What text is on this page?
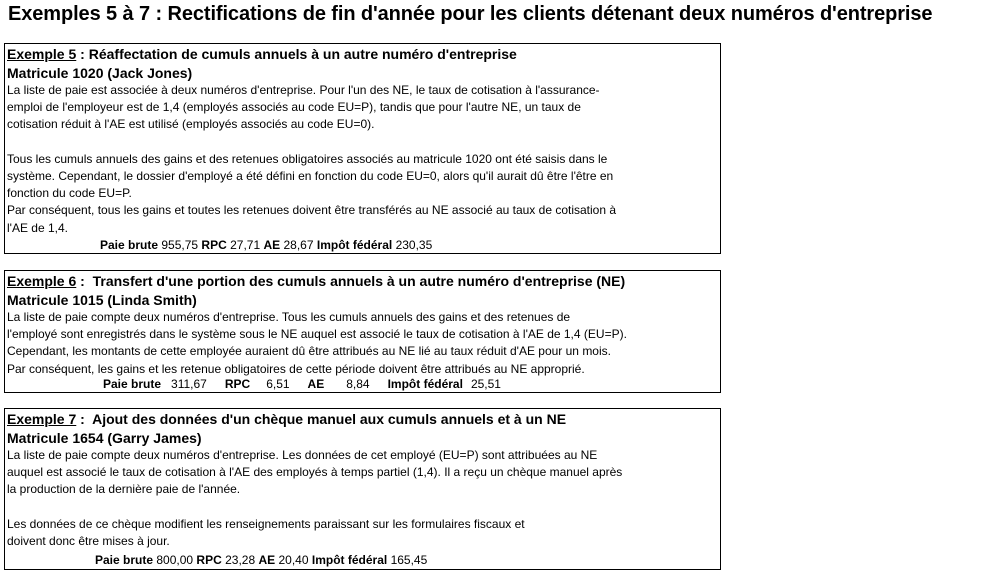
Exemples 5 à 7 : Rectifications de fin d'année pour les clients détenant deux numéros d'entreprise
Exemple 5 : Réaffectation de cumuls annuels à un autre numéro d'entreprise
Matricule 1020 (Jack Jones)
La liste de paie est associée à deux numéros d'entreprise. Pour l'un des NE, le taux de cotisation à l'assurance-
emploi de l'employeur est de 1,4 (employés associés au code EU=P), tandis que pour l'autre NE, un taux de
cotisation réduit à l'AE est utilisé (employés associés au code EU=0).
Tous les cumuls annuels des gains et des retenues obligatoires associés au matricule 1020 ont été saisis dans le
système. Cependant, le dossier d'employé a été défini en fonction du code EU=0, alors qu'il aurait dû être l'être en
fonction du code EU=P.
Par conséquent, tous les gains et toutes les retenues doivent être transférés au NE associé au taux de cotisation à
l'AE de 1,4.
Paie brute 955,75 RPC 27,71 AE 28,67 Impôt fédéral 230,35
Exemple 6 :  Transfert d'une portion des cumuls annuels à un autre numéro d'entreprise (NE)
Matricule 1015 (Linda Smith)
La liste de paie compte deux numéros d'entreprise. Tous les cumuls annuels des gains et des retenues de
l'employé sont enregistrés dans le système sous le NE auquel est associé le taux de cotisation à l'AE de 1,4 (EU=P).
Cependant, les montants de cette employée auraient dû être attribués au NE lié au taux réduit d'AE pour un mois.
Par conséquent, les gains et les retenue obligatoires de cette période doivent être attribués au NE approprié.
Paie brute 311,67 RPC 6,51 AE 8,84 Impôt fédéral 25,51
Exemple 7 :  Ajout des données d'un chèque manuel aux cumuls annuels et à un NE
Matricule 1654 (Garry James)
La liste de paie compte deux numéros d'entreprise. Les données de cet employé (EU=P) sont attribuées au NE
auquel est associé le taux de cotisation à l'AE des employés à temps partiel (1,4). Il a reçu un chèque manuel après
la production de la dernière paie de l'année.
Les données de ce chèque modifient les renseignements paraissant sur les formulaires fiscaux et
doivent donc être mises à jour.
Paie brute 800,00 RPC 23,28 AE 20,40 Impôt fédéral 165,45
